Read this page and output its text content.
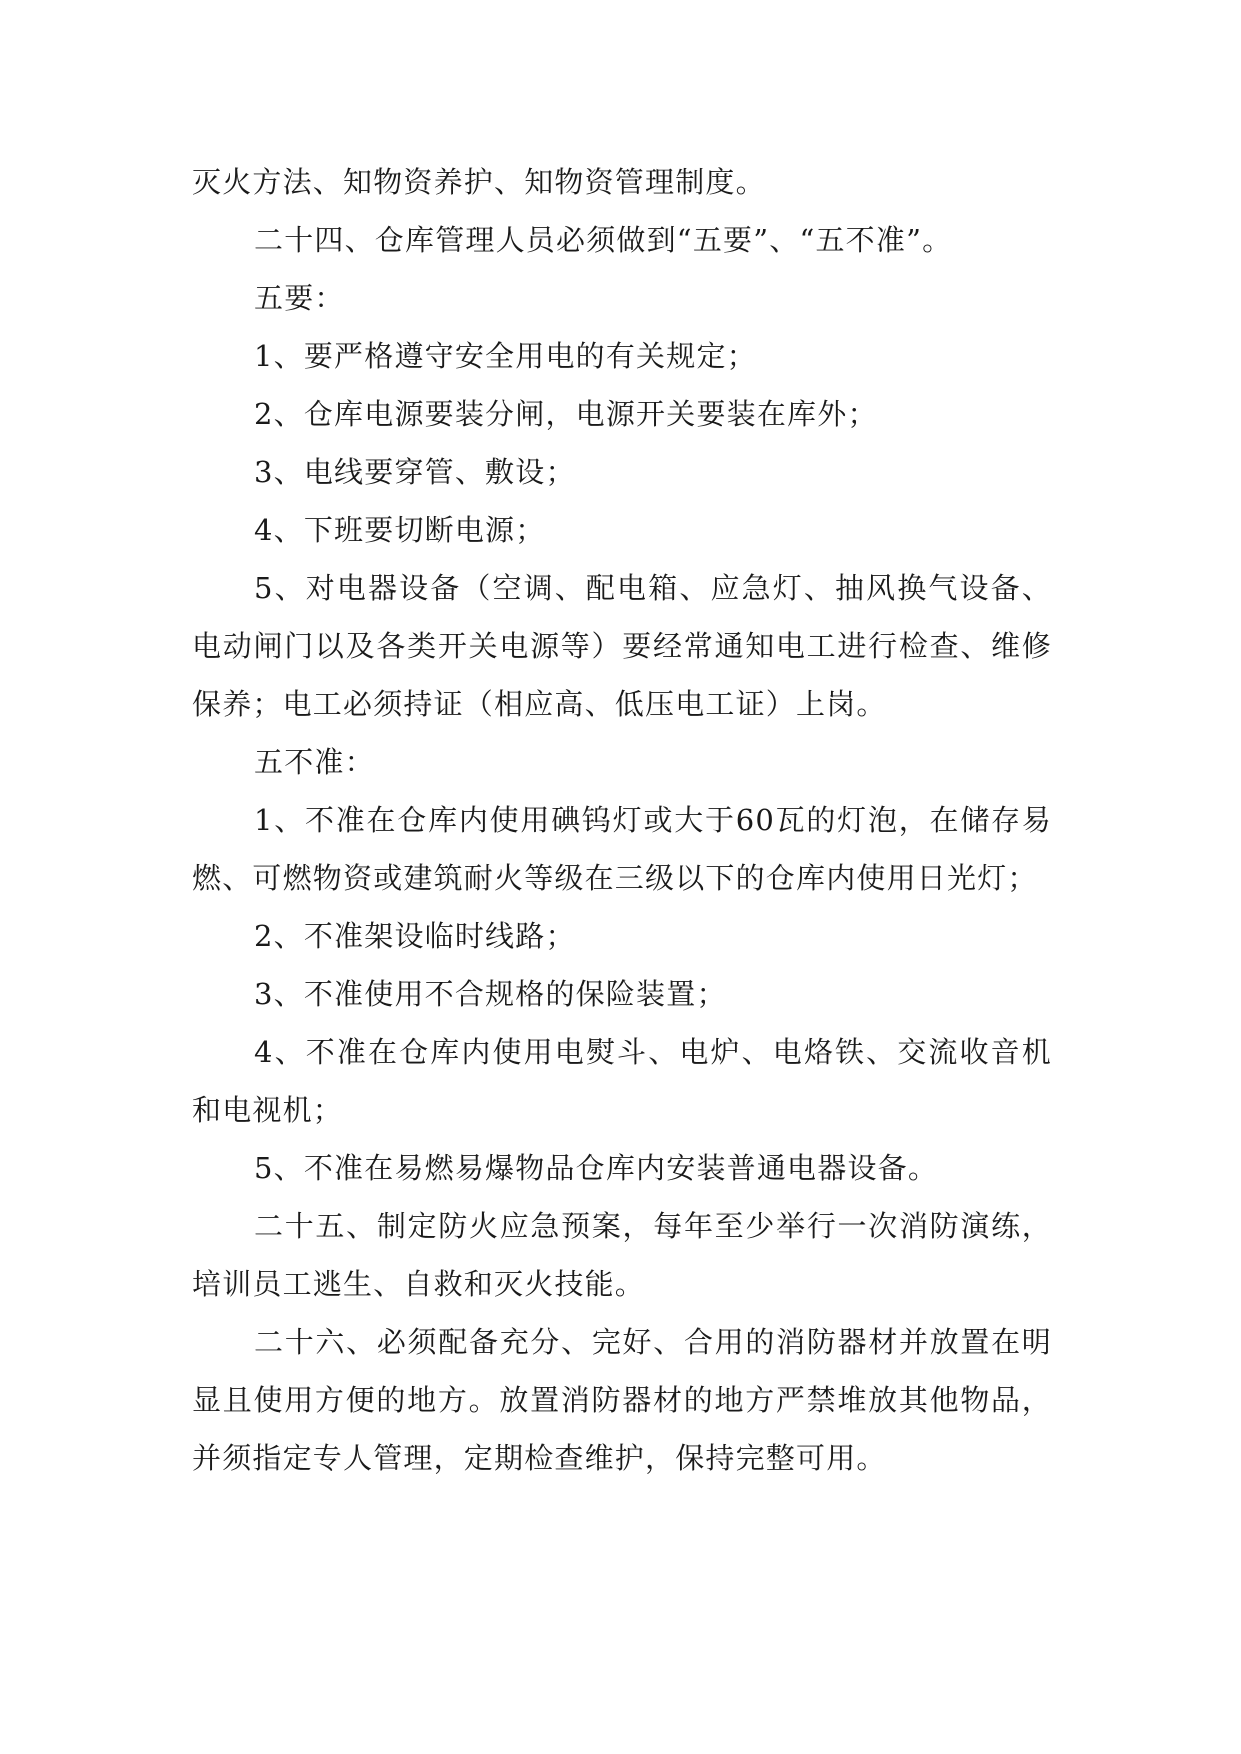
灭火方法、知物资养护、知物资管理制度。

二十四、仓库管理人员必须做到“五要”、“五不准”。

五要：

1、要严格遵守安全用电的有关规定；

2、仓库电源要装分闸，电源开关要装在库外；

3、电线要穿管、敷设；

4、下班要切断电源；

5、对电器设备（空调、配电箱、应急灯、抽风换气设备、电动闸门以及各类开关电源等）要经常通知电工进行检查、维修保养；电工必须持证（相应高、低压电工证）上岗。

五不准：

1、不准在仓库内使用碘钨灯或大于60瓦的灯泡，在储存易燃、可燃物资或建筑耐火等级在三级以下的仓库内使用日光灯；

2、不准架设临时线路；

3、不准使用不合规格的保险装置；

4、不准在仓库内使用电熨斗、电炉、电烙铁、交流收音机和电视机；

5、不准在易燃易爆物品仓库内安装普通电器设备。

二十五、制定防火应急预案，每年至少举行一次消防演练，培训员工逃生、自救和灭火技能。

二十六、必须配备充分、完好、合用的消防器材并放置在明显且使用方便的地方。放置消防器材的地方严禁堆放其他物品，并须指定专人管理，定期检查维护，保持完整可用。
